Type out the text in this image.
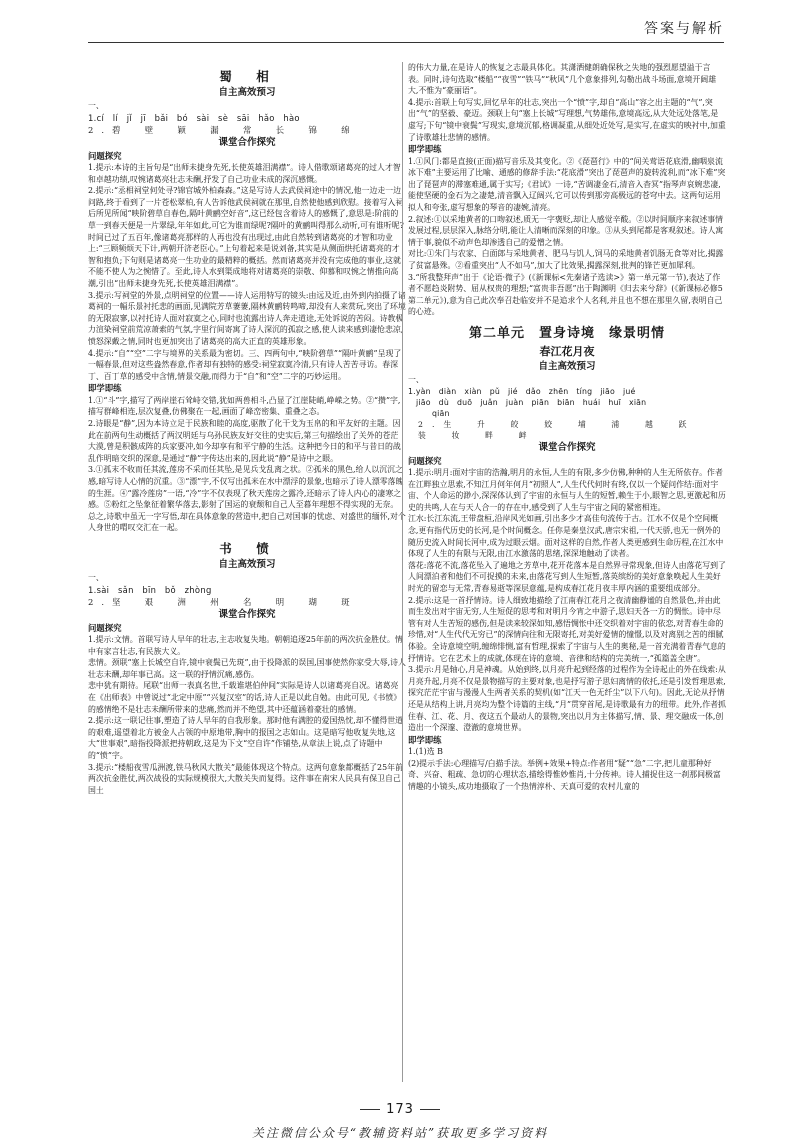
答案与解析
蜀　相
自主高效预习
一、
1.cí　lí　jǐ　jī　bǎi　bó　sài　sè　sāi　hǎo　hào
2.碧　壁　颖　漏　常　长　锦　绵
课堂合作探究
问题探究
1.提示:本诗的主旨句是“出师未捷身先死,长使英雄泪满襟”。诗人借歌颂诸葛亮的过人才智和卓越功绩,叹惋诸葛亮壮志未酬,抒发了自己功业未成的深沉感慨。
2.提示:“丞相祠堂何处寻?锦官城外柏森森。”这是写诗人去武侯祠途中的情况,他一边走一边问路,终于看到了一片苍松翠柏,有人告诉他武侯祠就在那里,自然使他感到欣慰。接着写入祠后所见所闻“映阶碧草自春色,隔叶黄鹂空好音”,这已经包含着诗人的感慨了,意思是:阶前的草一到春天便是一片翠绿,年年如此,可它为谁而绿呢?隔叶的黄鹂叫得那么动听,可有谁听呢?时间已过了五百年,像诸葛亮那样的人再也没有出现过,由此自然转到诸葛亮的才智和功业上:“三顾频烦天下计,两朝开济老臣心。”上句着起来是说刘备,其实是从侧面烘托诸葛亮的才智和抱负;下句则是诸葛亮一生功业的最精粹的概括。然而诸葛亮并没有完成他的事业,这就不能不使人为之惋惜了。至此,诗人水到渠成地将对诸葛亮的崇敬、仰慕和叹惋之情推向高潮,引出“出师未捷身先死,长使英雄泪满襟”。
3.提示:写祠堂的外景,点明祠堂的位置——诗人运用特写的镜头:由远及近,由外到内拍摄了诸葛祠的一幅乐景衬托悲的画面,见满院芳草萋萋,隔林黄鹂转鸣啼,却没有人来赏玩,突出了环境的无限寂寥,以衬托诗人面对寂寞之心,同时也流露出诗人奔走道途,无处诉说的苦闷。诗教极力渲染祠堂前荒凉萧索的气氛,字里行间寄寓了诗人深沉的孤寂之感,使人读来感到凄怆悲凉,愤怒深戴之情,同时也更加突出了诸葛亮的高大正直的英雄形象。
4.提示:“自”“空”二字与境界的关系最为密切。三、四两句中,“映阶碧草”“隔叶黄鹂”呈现了一幅春景,但对这些盎然春意,作者却有独特的感受:祠堂寂寞冷清,只有诗人苦苦寻访。春深丁、百丁草的感受中含情,情景交融,而得力于“自”和“空”二字的巧妙运用。
即学即练
1.①“斗”字,描写了两岸崖石耸峙交错,犹如两兽相斗,凸显了江崖陡峭,峥嵘之势。②“攒”字,描写群峰相连,层次复叠,仿佛聚在一起,画面了峰峦密集、重叠之态。
2.诗眼是“静”,因为本诗立足于民族和睦的高度,驱散了化干戈为玉帛的和平友好的主题。因此在前两句生动概括了两汉明廷与乌孙民族友好交往的史实后,第三句描绘出了关外的苍茫大漠,曾是积骸成阵的兵家要冲,如今却享有和平宁静的生活。这种把今日的和平与昔日的战乱作明暗交织的深意,是通过“静”字传达出来的,因此说“静”是诗中之眼。
3.①孤末不收而任其流,莲房不采而任其坠,是见兵戈乱离之状。②孤米的黑色,给人以沉沉之感,暗写诗人心情的沉重。③“漂”字,不仅写出孤米在水中漂浮的景象,也暗示了诗人漂零落魄的生涯。④“露冷莲房”一语,“冷”字不仅表现了秋天莲房之露冷,还暗示了诗人内心的凄寒之感。⑤粉红之坠象征着繁华落去,影射了国运的衰颓和自己人至暮年理想不得实现的无奈。总之,诗歌中虽无一字写悟,却在具体意象的营造中,把自己对国事的忧虑、对盛世的缅怀,对个人身世的喟叹交汇在一起。
书　愤
自主高效预习
一、
1.sài　sǎn　bīn　bǒ　zhòng
2.坚　艰　洲　州　名　明　瑚　斑
课堂合作探究
问题探究
1.提示:文情。首联写诗人早年的壮志,主志收复失地。朝朝追逐25年前的两次抗金胜仗。情中有家言壮志,有民族大义。
悲情。颈联“塞上长城空自许,镜中衰鬓已先斑”,由于投降派的误国,国事使然你家受大辱,诗人壮志未酬,却年事已高。这一联的抒情沉痛,感伤。
悲中犹有期待。尾联“出师一表真名世,千载谁堪伯仲间”实际是诗人以诸葛亮自况。诸葛亮在《出师表》中曾说过“北定中原”“兴复汉室”的话,诗人正是以此自勉。由此可见,《书愤》的感情绝不是壮志未酬所带来的悲痛,然而并不绝望,其中还蕴涵着豪壮的感情。
2.提示:这一联记往事,塑造了诗人早年的自我形象。那时他有满腔的爱国热忱,却不懂得世道的艰难,遥望着北方被金人占领的中原地带,胸中的报国之志如山。这是暗写他收复失地,这大“世事艰”,暗指投降派把持朝政,这是为下文“空自许”作铺垫,从章法上说,点了诗题中的“愤”字。
3.提示:“楼船夜雪瓜洲渡,铁马秋风大散关”最能体现这个特点。这两句意象都概括了25年前两次抗金胜仗,两次战役的实际规模很大,大散关失而复得。这件事在南宋人民具有保卫自己国土
的伟大力量,在是诗人的恢复之志最具体化。其潇洒健朗确保秋之失地的强烈愿望溢于言表。同时,诗句选取“楼船”“夜雪”“铁马”“秋风”几个意象排列,勾勒出战斗场面,意境开阔雄大,不惟为“豪丽语”。
4.提示:首联上句写实,回忆早年的壮志,突出一个“愤”字,却自“高山”容之出主题的“气”,突出“气”的坚毅、豪迈。颈联上句“塞上长城”写理想,气势雄伟,意境高远,从大处远处落笔,是虚写;下句“镜中衰鬓”写现实,意境沉郁,格调凝重,从细处近处写,是实写,在虚实的映衬中,加重了诗歌雄壮悲情的感情。
即学即练
1.①风门:都是直接(正面)描写音乐及其变化。②《琵琶行》中的“间关莺语花底滑,幽咽泉流冰下难”主要运用了比喻、通感的修辞手法:“花底滑”突出了琵琶声的旋转流利,而“冰下难”突出了琵琶声的滞塞难通,属于实写;《君试》一诗,“苦调凄金石,清音入杳冥”指琴声哀婉悲凄,能使坚硬的金石为之凄楚,清音飘入辽阔兴,它可以传到那旁高极远的苍穹中去。这两句运用拟人和夸张,虚写想象的琴音的凄婉,清亮。
2.叙述:①以采地黄者的口吻叙述,质无一字褒贬,却让人感觉辛酸。②以时间顺序来叙述事情发展过程,层层深入,脉络分明,能让人清晰而深刻的印象。③从头到尾都是客观叙述。诗人寓情于事,貌似不动声色却渗透自己的爱憎之情。
对比:①朱门与农家、白面郎与采地黄者、肥马与饥人,饲马的采地黄者饥肠无食等对比,揭露了贫富悬殊。②看重突出“人不如马”,加大了比效果,揭露深刻,批判的锋芒更加犀利。
3.“所我整拜声”出于《论语·微子》(《新课标<先秦诸子选读>》第一单元第一节),表达了作者不愿趋炎附势、屈从权贵的理想;“富贵非吾愿”出于陶渊明《归去来兮辞》(《新课标必修5第二单元》),意为自己此次奉召赴临安并不是追求个人名利,并且也不想在那里久留,表明自己的心迹。
第二单元　置身诗境　缘景明情
春江花月夜
自主高效预习
一、
1.yàn　diàn　xiàn　pǔ　jié　dǎo　zhēn　tíng　jiāo　jué
jiāo　dù　duō　juǎn　juàn　piān　biān　huái　huī　xiān
qiān
2.生　升　皎　姣　埔　浦　越　跃　装　妆　畔　衅
课堂合作探究
问题探究
1.提示:明月:面对宇宙的浩瀚,明月的永恒,人生的有限,多少仿佛,种种的人生无所依存。作者在江畔独立思索,不知江月何年何月“初照人”,人生代代何时有终,仅以一个疑问作结:面对宇宙、个人命运的渺小,深深体认到了宇宙的永恒与人生的短暂,赖生于小,眼智之思,更激起和历史的共鸣,人在与天人合一的存在中,感受到了人生与宇宙之间的紧密相连。
江水:长江东流,王带盘桓,沿岸风光如画,引出多少才高佳句流传于古。江水不仅是个空间概念,更有指代历史的长河,是个时间概念。任你是秦皇汉武,唐宗宋祖,一代天骄,也无一例外的随历史流入时间长河中,成为过眼云烟。面对这样的自然,作者人类更感到生命历程,在江水中体现了人生的有限与无限,由江水激荡的思绪,深深地触动了读者。
落花:落花不流,落花坠入了遍地之芳草中,花开花落本是自然界寻常现象,但诗人由落花写到了人间漂泊者和他们不可捉摸的未来,由落花写到人生短暂,落英缤纷的美好意象唤起人生美好时光的留恋与无常,青春易逝等深层意蕴,是构成春江花月夜丰厚内涵的重要组成部分。
2.提示:这是一首抒情诗。诗人细致地描绘了江南春江花月之夜清幽静谧的自然景色,并由此而生发出对宇宙无穷,人生短促的思考和对明月今宵之中游子,思妇天各一方的惆怅。诗中尽管有对人生苦短的感伤,但是读来较深如知,感悟惆怅中还交织着对宇宙的依恋,对青春生命的珍惜,对“人生代代无穷已”的深情向往和无限寄托,对美好爱情的憧憬,以及对离别之苦的细腻体验。全诗意境空明,缠绵悱恻,富有哲理,探索了宇宙与人生的奥秘,是一首充满着青春气息的抒情诗。它在艺术上的成就,体现在诗的意境、音律和结构的完美统一,“孤篇盖全唐”。
3.提示:月是轴心,月是神魂。从始到终,以月亮升起到经落的过程作为全诗起止的外在线索:从月亮升起,月亮不仅是景物描写的主要对象,也是抒写游子思妇离情的依托,还是引发哲理思索,探究茫茫宇宙与漫漫人生两者关系的契机(如“江天一色无纤尘”以下八句)。因此,无论从抒情还是从结构上讲,月亮均为整个诗篇的主线,“月”贯穿首尾,是诗歌最有力的纽带。此外,作者抓住春、江、花、月、夜这五个最动人的景物,突出以月为主体描写,情、景、理交融成一体,创造出一个深邃、澄澈的意境世界。
即学即练
1.(1)选 B
(2)提示手法:心理描写/白描手法。举例+效果+特点:作者用“疑”“急”二字,把儿童那种好奇、兴奋、粗疏、急切的心理状态,描绘得惟妙惟肖,十分传神。诗人捕捉住这一刹那间极富情趣的小镜头,成功地摄取了一个热情淳朴、天真可爱的农村儿童的
173
关注微信公众号“教辅资料站”获取更多学习资料
